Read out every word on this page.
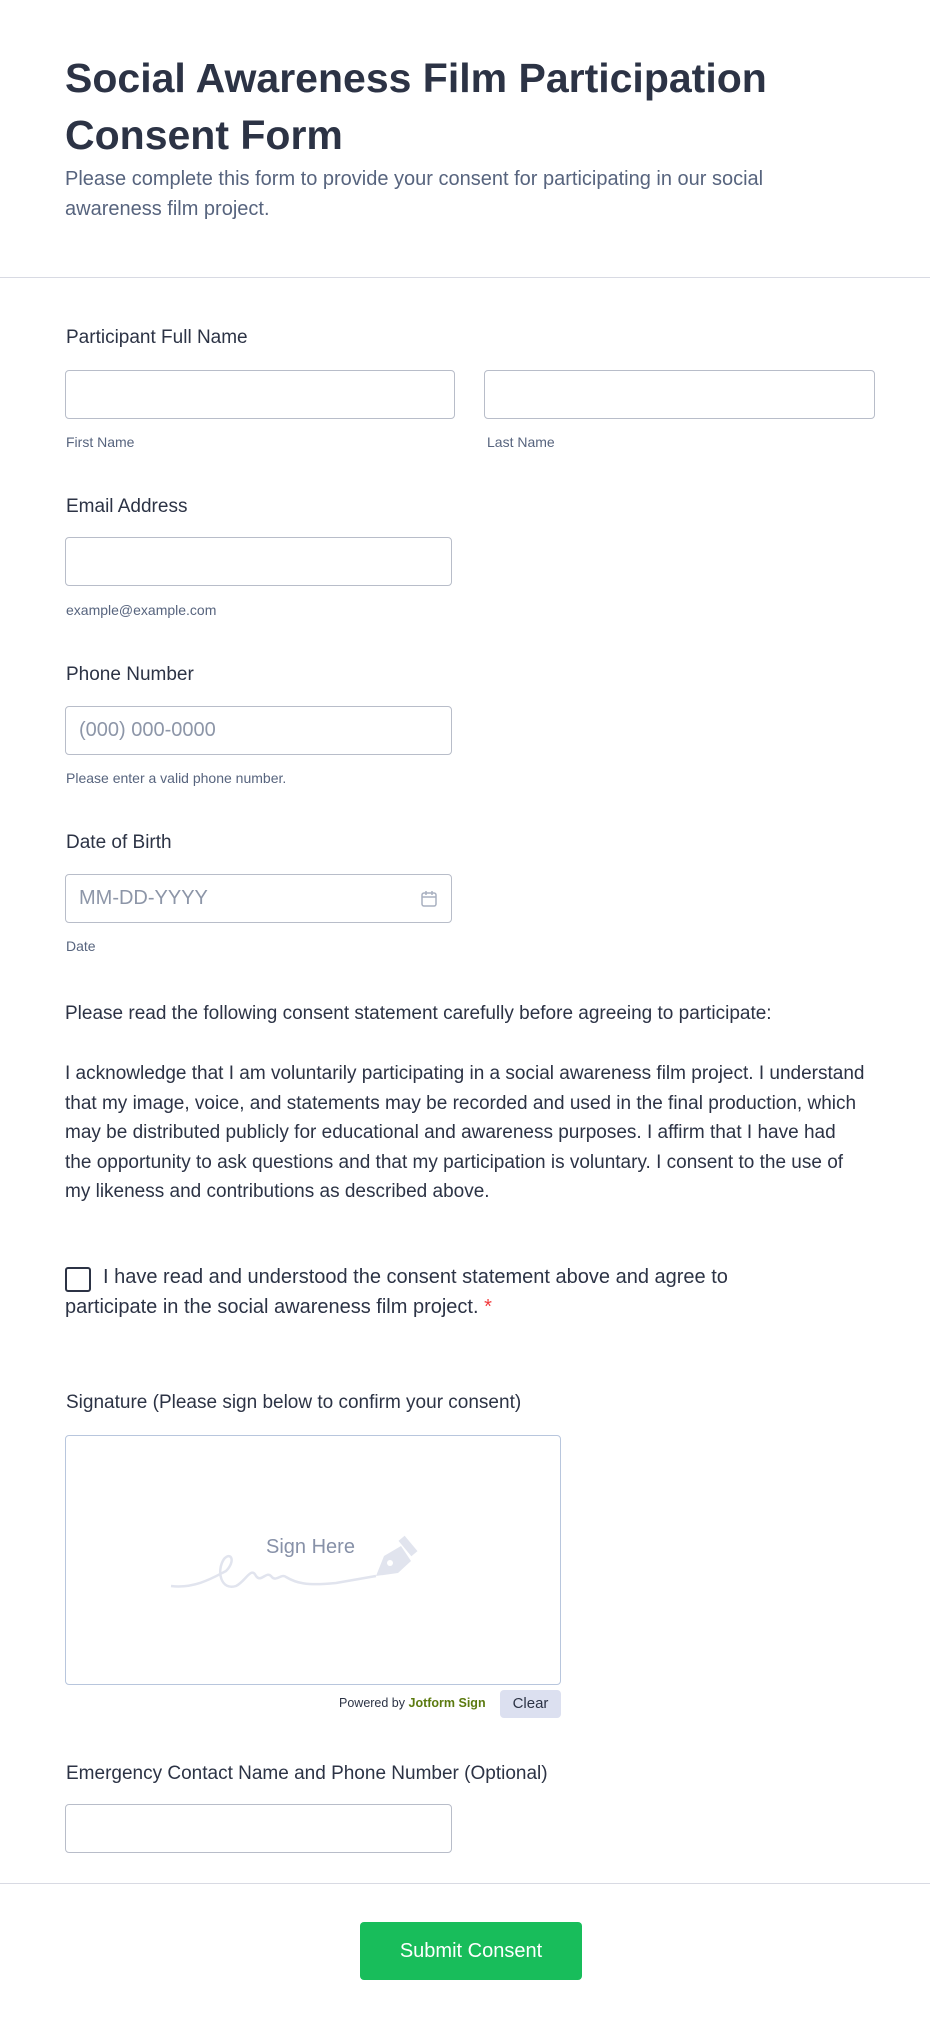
Social Awareness Film Participation Consent Form
Please complete this form to provide your consent for participating in our social awareness film project.
Participant Full Name
First Name	Last Name
Email Address
example@example.com
Phone Number
(000) 000-0000
Please enter a valid phone number.
Date of Birth
MM-DD-YYYY
Date
Please read the following consent statement carefully before agreeing to participate:
I acknowledge that I am voluntarily participating in a social awareness film project. I understand that my image, voice, and statements may be recorded and used in the final production, which may be distributed publicly for educational and awareness purposes. I affirm that I have had the opportunity to ask questions and that my participation is voluntary. I consent to the use of my likeness and contributions as described above.
I have read and understood the consent statement above and agree to participate in the social awareness film project. *
Signature (Please sign below to confirm your consent)
Sign Here
Powered by Jotform Sign	Clear
Emergency Contact Name and Phone Number (Optional)
Submit Consent
